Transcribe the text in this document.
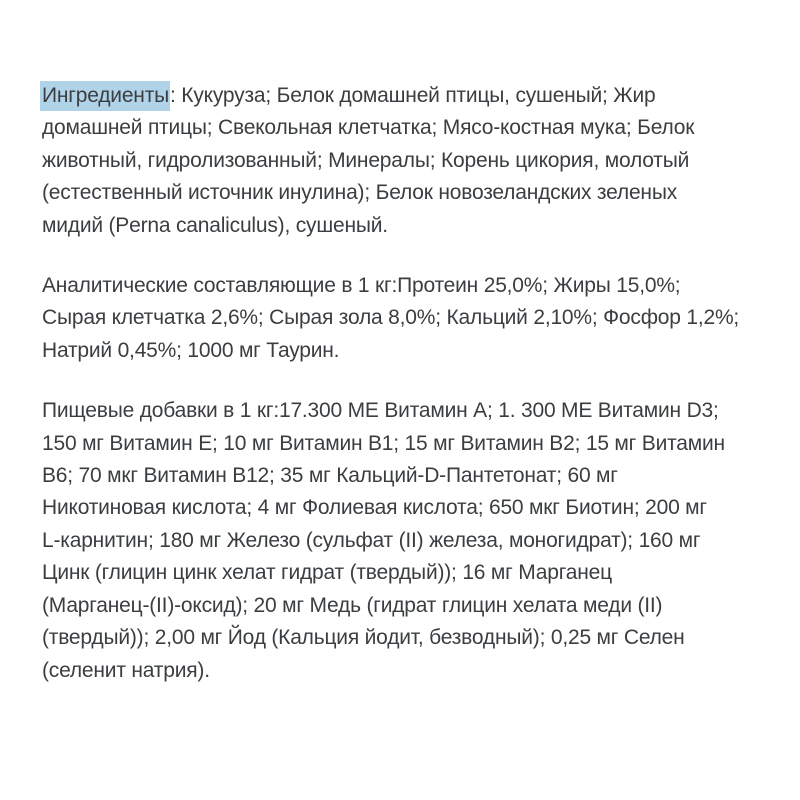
Ингредиенты: Кукуруза; Белок домашней птицы, сушеный; Жир
домашней птицы; Свекольная клетчатка; Мясо-костная мука; Белок
животный, гидролизованный; Минералы; Корень цикория, молотый
(естественный источник инулина); Белок новозеландских зеленых
мидий (Perna canaliculus), сушеный.
Аналитические составляющие в 1 кг:Протеин 25,0%; Жиры 15,0%;
Сырая клетчатка 2,6%; Сырая зола 8,0%; Кальций 2,10%; Фосфор 1,2%;
Натрий 0,45%; 1000 мг Таурин.
Пищевые добавки в 1 кг:17.300 МЕ Витамин А; 1. 300 МЕ Витамин D3;
150 мг Витамин Е; 10 мг Витамин В1; 15 мг Витамин В2; 15 мг Витамин
В6; 70 мкг Витамин В12; 35 мг Кальций-D-Пантетонат; 60 мг
Никотиновая кислота; 4 мг Фолиевая кислота; 650 мкг Биотин; 200 мг
L-карнитин; 180 мг Железо (сульфат (II) железа, моногидрат); 160 мг
Цинк (глицин цинк хелат гидрат (твердый)); 16 мг Марганец
(Марганец-(II)-оксид); 20 мг Медь (гидрат глицин хелата меди (II)
(твердый)); 2,00 мг Йод (Кальция йодит, безводный); 0,25 мг Селен
(селенит натрия).
